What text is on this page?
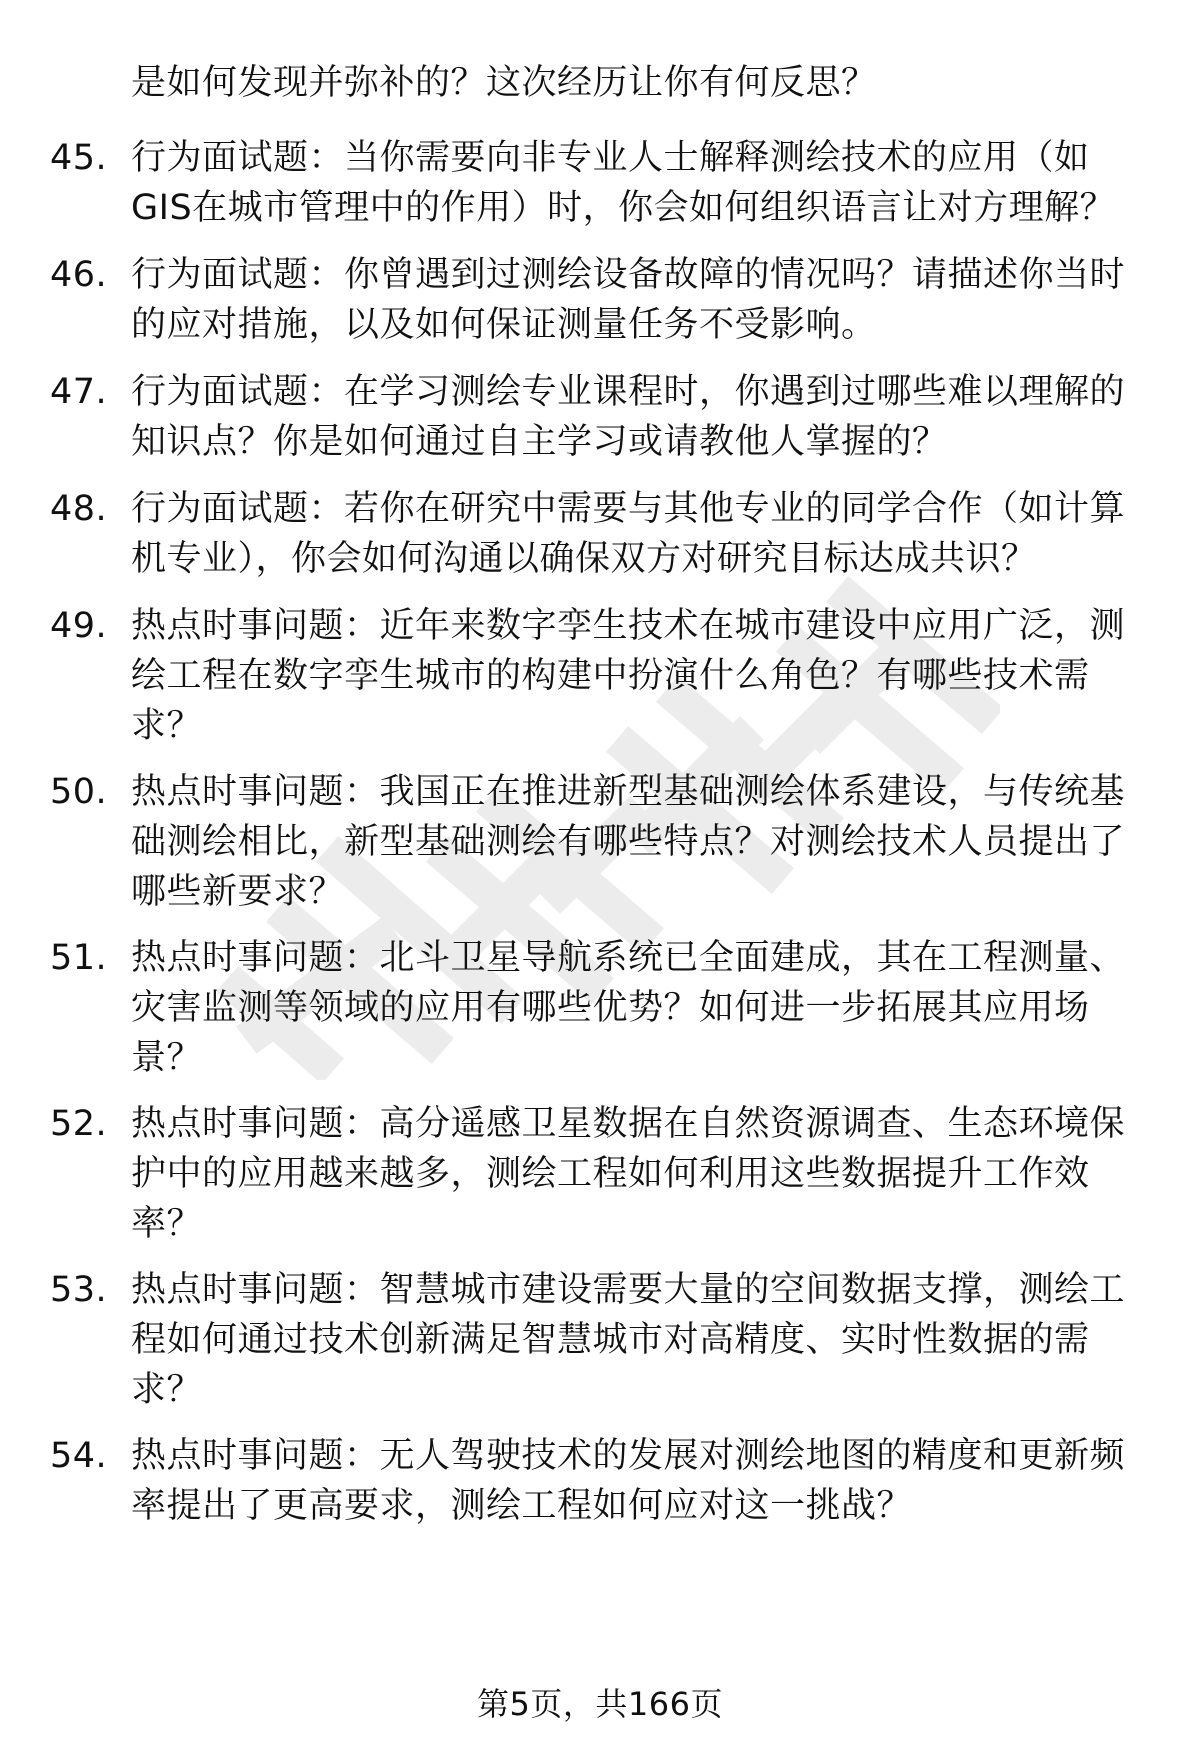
是如何发现并弥补的？这次经历让你有何反思？
45. 行为面试题：当你需要向非专业人士解释测绘技术的应用（如
GIS在城市管理中的作用）时，你会如何组织语言让对方理解？
46. 行为面试题：你曾遇到过测绘设备故障的情况吗？请描述你当时
的应对措施，以及如何保证测量任务不受影响。
47. 行为面试题：在学习测绘专业课程时，你遇到过哪些难以理解的
知识点？你是如何通过自主学习或请教他人掌握的？
48. 行为面试题：若你在研究中需要与其他专业的同学合作（如计算
机专业），你会如何沟通以确保双方对研究目标达成共识？
49. 热点时事问题：近年来数字孪生技术在城市建设中应用广泛，测
绘工程在数字孪生城市的构建中扮演什么角色？有哪些技术需
求？
50. 热点时事问题：我国正在推进新型基础测绘体系建设，与传统基
础测绘相比，新型基础测绘有哪些特点？对测绘技术人员提出了
哪些新要求？
51. 热点时事问题：北斗卫星导航系统已全面建成，其在工程测量、
灾害监测等领域的应用有哪些优势？如何进一步拓展其应用场
景？
52. 热点时事问题：高分遥感卫星数据在自然资源调查、生态环境保
护中的应用越来越多，测绘工程如何利用这些数据提升工作效
率？
53. 热点时事问题：智慧城市建设需要大量的空间数据支撑，测绘工
程如何通过技术创新满足智慧城市对高精度、实时性数据的需
求？
54. 热点时事问题：无人驾驶技术的发展对测绘地图的精度和更新频
率提出了更高要求，测绘工程如何应对这一挑战？
第5页，共166页
